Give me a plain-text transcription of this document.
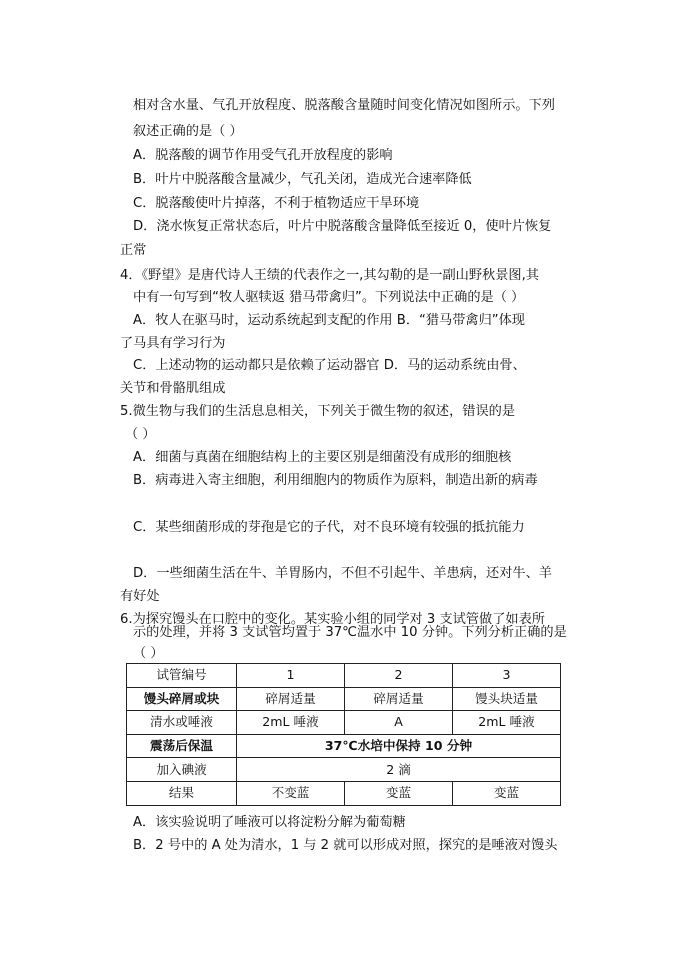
相对含水量、气孔开放程度、脱落酸含量随时间变化情况如图所示。下列
叙述正确的是（ ）
A．脱落酸的调节作用受气孔开放程度的影响
B．叶片中脱落酸含量减少，气孔关闭，造成光合速率降低
C．脱落酸使叶片掉落，不利于植物适应干旱环境
D．浇水恢复正常状态后，叶片中脱落酸含量降低至接近 0，使叶片恢复
正常
4．《野望》是唐代诗人王绩的代表作之一,其勾勒的是一副山野秋景图,其
中有一句写到“牧人驱犊返 猎马带禽归”。下列说法中正确的是（ ）
A．牧人在驱马时，运动系统起到支配的作用 B．“猎马带禽归”体现
了马具有学习行为
C．上述动物的运动都只是依赖了运动器官 D．马的运动系统由骨、
关节和骨骼肌组成
5.微生物与我们的生活息息相关，下列关于微生物的叙述，错误的是
（ ）
A．细菌与真菌在细胞结构上的主要区别是细菌没有成形的细胞核
B．病毒进入寄主细胞，利用细胞内的物质作为原料，制造出新的病毒
C．某些细菌形成的芽孢是它的子代，对不良环境有较强的抵抗能力
D．一些细菌生活在牛、羊胃肠内，不但不引起牛、羊患病，还对牛、羊
有好处
6.为探究馒头在口腔中的变化。某实验小组的同学对 3 支试管做了如表所
示的处理，并将 3 支试管均置于 37℃温水中 10 分钟。下列分析正确的是
（ ）
试管编号	1	2	3
馒头碎屑或块	碎屑适量	碎屑适量	馒头块适量
清水或唾液	2mL 唾液	A	2mL 唾液
震荡后保温	37℃水培中保持 10 分钟		
加入碘液	2 滴		
结果	不变蓝	变蓝	变蓝
A．该实验说明了唾液可以将淀粉分解为葡萄糖
B．2 号中的 A 处为清水，1 与 2 就可以形成对照，探究的是唾液对馒头
